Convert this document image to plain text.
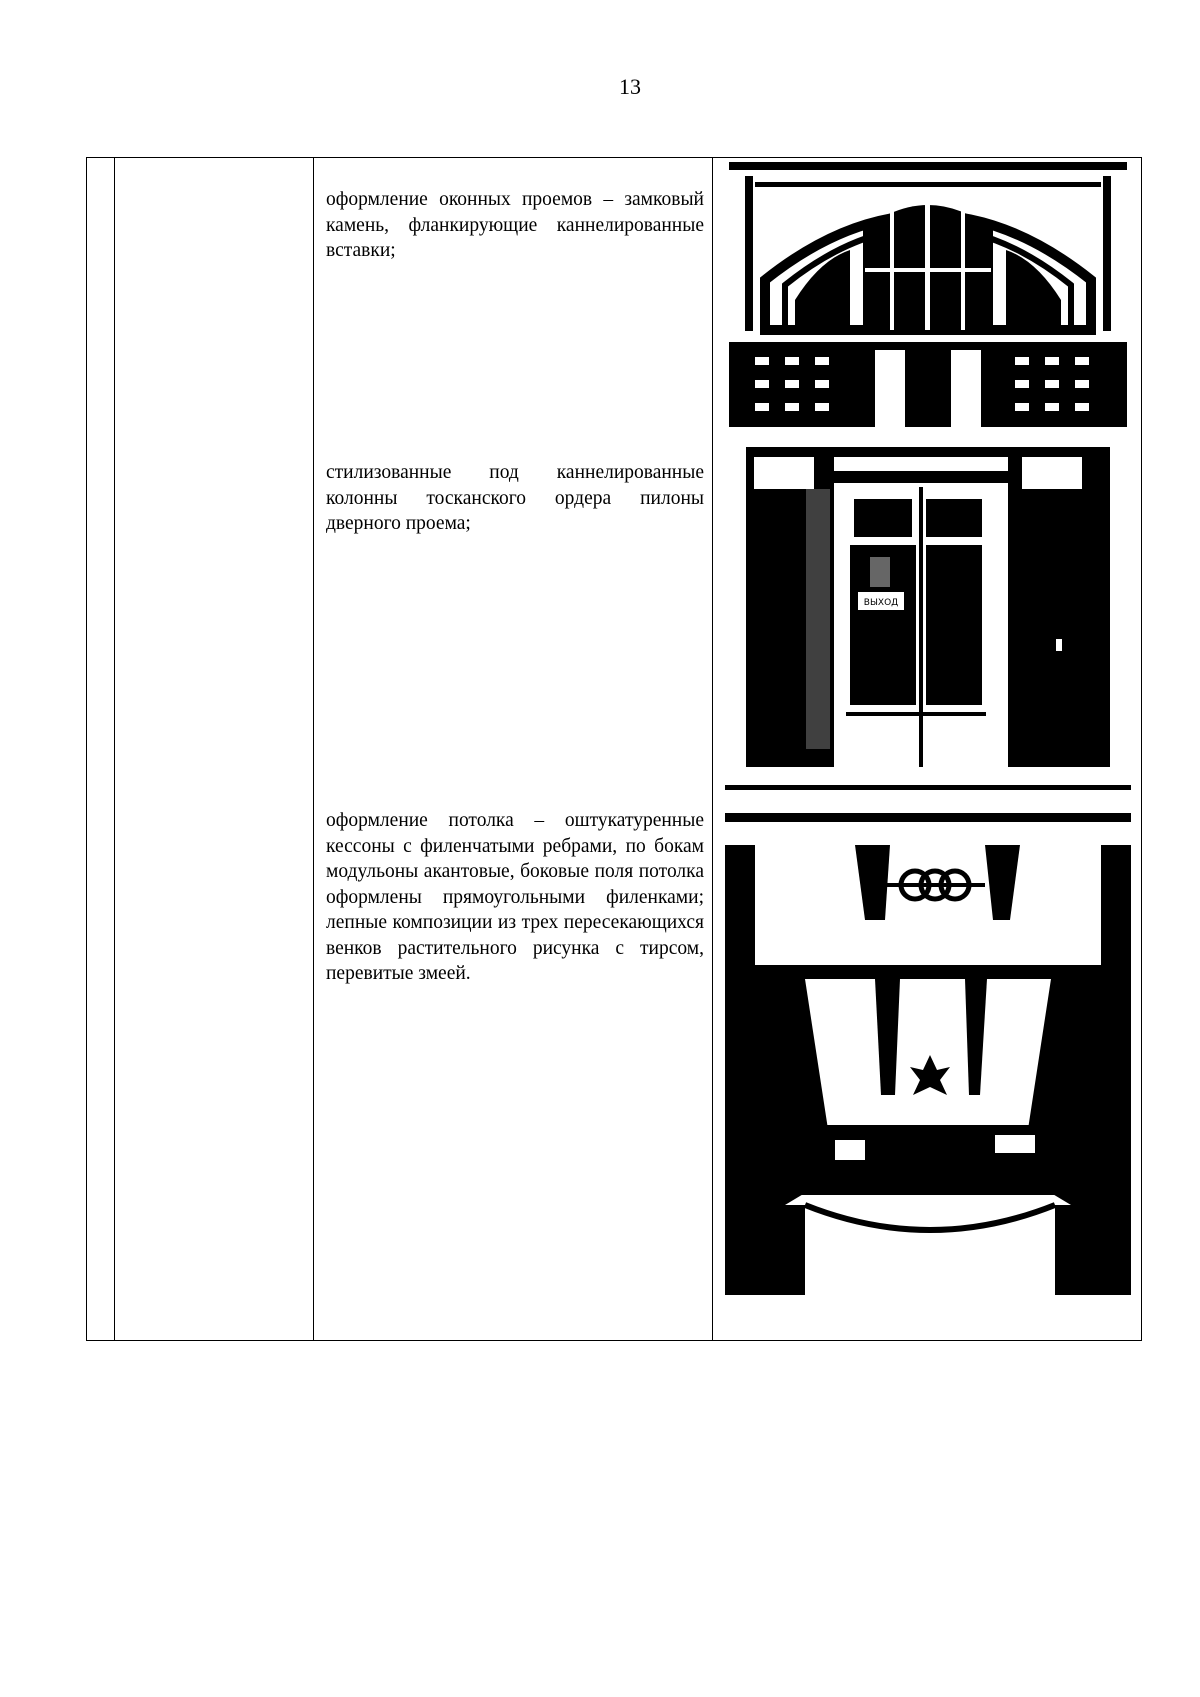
13

оформление оконных проемов – замковый камень, фланкирующие каннелированные вставки;
стилизованные под каннелированные колонны тосканского ордера пилоны дверного проема;
оформление потолка – оштукатуренные кессоны с филенчатыми ребрами, по бокам модульоны акантовые, боковые поля потолка оформлены прямоугольными филенками; лепные композиции из трех пересекающихся венков растительного рисунка с тирсом, перевитые змеей.

ВЫХОД
